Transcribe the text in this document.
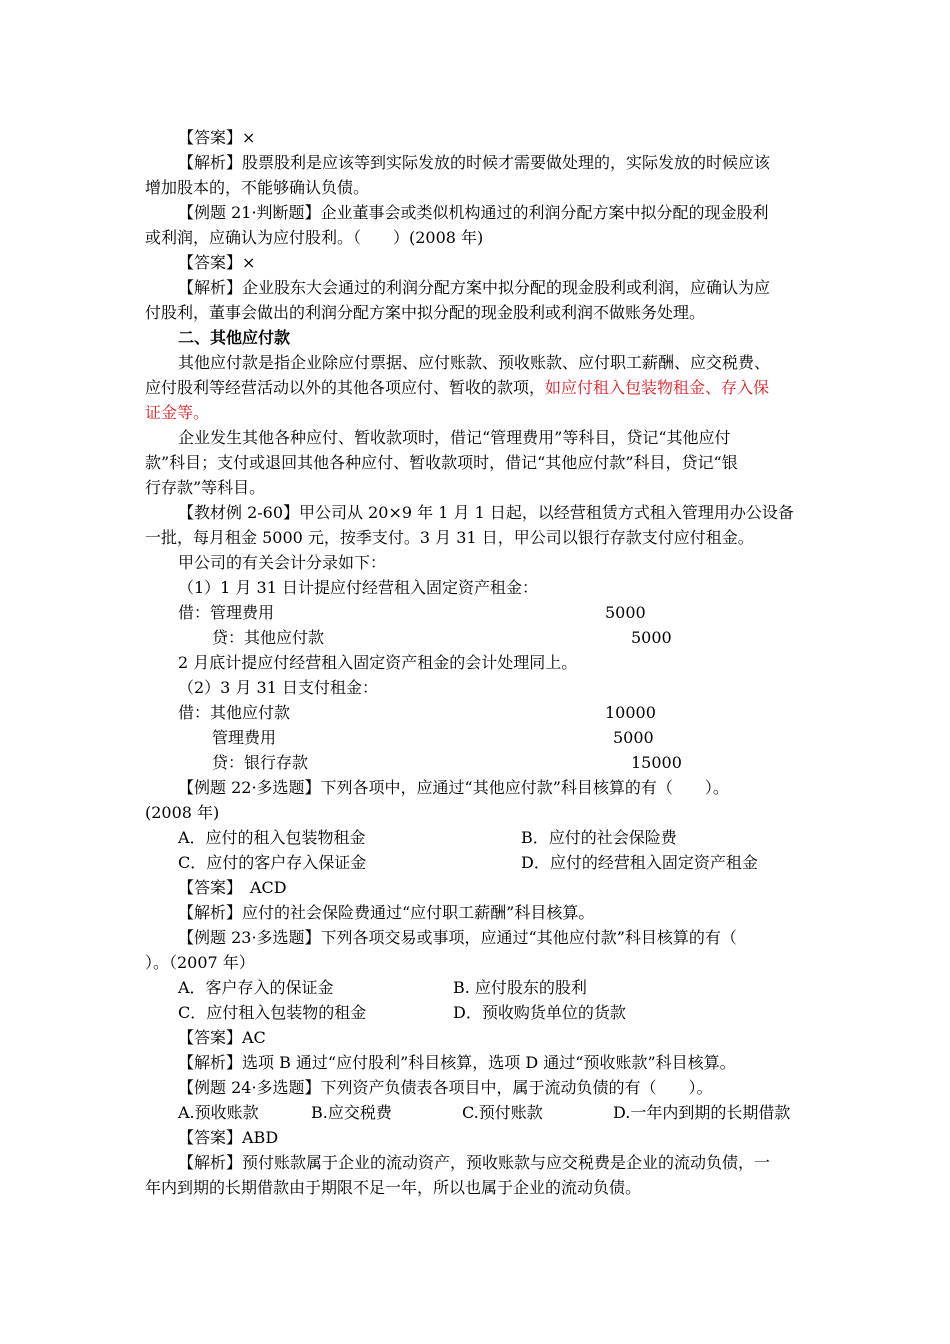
【答案】×
【解析】股票股利是应该等到实际发放的时候才需要做处理的，实际发放的时候应该
增加股本的，不能够确认负债。
【例题 21·判断题】企业董事会或类似机构通过的利润分配方案中拟分配的现金股利
或利润，应确认为应付股利。（　　）(2008 年)
【答案】×
【解析】企业股东大会通过的利润分配方案中拟分配的现金股利或利润，应确认为应
付股利，董事会做出的利润分配方案中拟分配的现金股利或利润不做账务处理。
二、其他应付款
其他应付款是指企业除应付票据、应付账款、预收账款、应付职工薪酬、应交税费、
应付股利等经营活动以外的其他各项应付、暂收的款项，如应付租入包装物租金、存入保
证金等。
企业发生其他各种应付、暂收款项时，借记“管理费用”等科目，贷记“其他应付
款”科目；支付或退回其他各种应付、暂收款项时，借记“其他应付款”科目，贷记“银
行存款”等科目。
【教材例 2-60】甲公司从 20×9 年 1 月 1 日起，以经营租赁方式租入管理用办公设备
一批，每月租金 5000 元，按季支付。3 月 31 日，甲公司以银行存款支付应付租金。
甲公司的有关会计分录如下：
（1）1 月 31 日计提应付经营租入固定资产租金：
借：管理费用	5000
贷：其他应付款	5000
2 月底计提应付经营租入固定资产租金的会计处理同上。
（2）3 月 31 日支付租金：
借：其他应付款	10000
管理费用	5000
贷：银行存款	15000
【例题 22·多选题】下列各项中，应通过“其他应付款”科目核算的有（　　）。
(2008 年)
A．应付的租入包装物租金	B．应付的社会保险费
C．应付的客户存入保证金	D．应付的经营租入固定资产租金
【答案】　ACD
【解析】应付的社会保险费通过“应付职工薪酬”科目核算。
【例题 23·多选题】下列各项交易或事项，应通过“其他应付款”科目核算的有（
）。（2007 年）
A．客户存入的保证金	B. 应付股东的股利
C．应付租入包装物的租金	D．预收购货单位的货款
【答案】AC
【解析】选项 B 通过“应付股利”科目核算，选项 D 通过“预收账款”科目核算。
【例题 24·多选题】下列资产负债表各项目中，属于流动负债的有（　　）。
A.预收账款	B.应交税费	C.预付账款	D.一年内到期的长期借款
【答案】ABD
【解析】预付账款属于企业的流动资产，预收账款与应交税费是企业的流动负债，一
年内到期的长期借款由于期限不足一年，所以也属于企业的流动负债。
